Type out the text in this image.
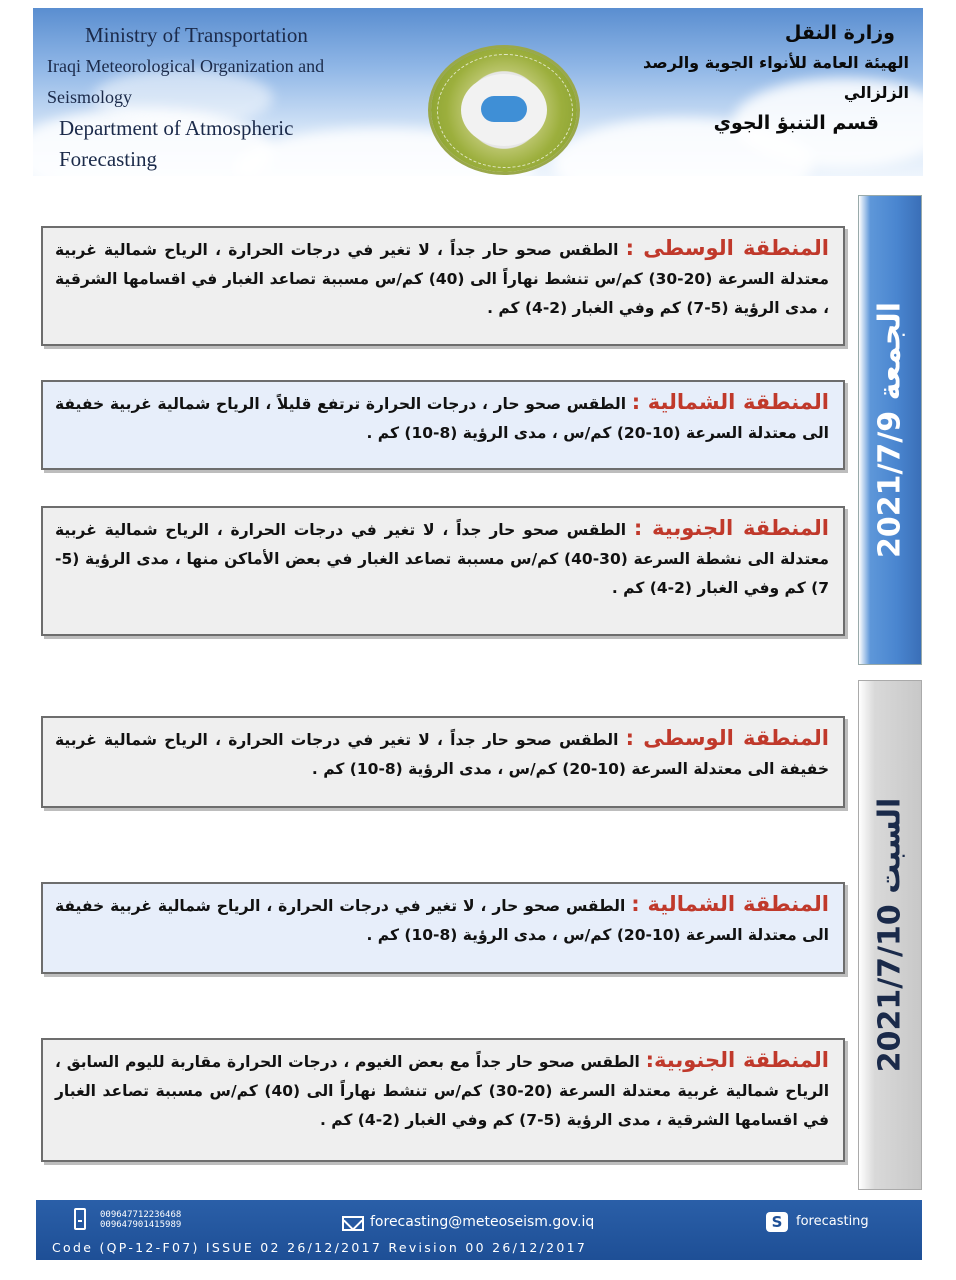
Ministry of Transportation
Iraqi Meteorological Organization and Seismology
Department of Atmospheric Forecasting
وزارة النقل
الهيئة العامة للأنواء الجوية والرصد الزلزالي
قسم التنبؤ الجوي
الجمعة 2021/7/9
المنطقة الوسطى : الطقس صحو حار جداً ، لا تغير في درجات الحرارة ، الرياح شمالية غربية معتدلة السرعة (20-30) كم/س تنشط نهاراً الى (40) كم/س مسببة تصاعد الغبار في اقسامها الشرقية ، مدى الرؤية (5-7) كم وفي الغبار (2-4) كم .
المنطقة الشمالية : الطقس صحو حار ، درجات الحرارة ترتفع قليلاً ، الرياح شمالية غربية خفيفة الى معتدلة السرعة (10-20) كم/س ، مدى الرؤية (8-10) كم .
المنطقة الجنوبية : الطقس صحو حار جداً ، لا تغير في درجات الحرارة ، الرياح شمالية غربية معتدلة الى نشطة السرعة (30-40) كم/س مسببة تصاعد الغبار في بعض الأماكن منها ، مدى الرؤية (5-7) كم وفي الغبار (2-4) كم .
السبت 2021/7/10
المنطقة الوسطى : الطقس صحو حار جداً ، لا تغير في درجات الحرارة ، الرياح شمالية غربية خفيفة الى معتدلة السرعة (10-20) كم/س ، مدى الرؤية (8-10) كم .
المنطقة الشمالية : الطقس صحو حار ، لا تغير في درجات الحرارة ، الرياح شمالية غربية خفيفة الى معتدلة السرعة (10-20) كم/س ، مدى الرؤية (8-10) كم .
المنطقة الجنوبية: الطقس صحو حار جداً مع بعض الغيوم ، درجات الحرارة مقاربة لليوم السابق ، الرياح شمالية غربية معتدلة السرعة (20-30) كم/س تنشط نهاراً الى (40) كم/س مسببة تصاعد الغبار في اقسامها الشرقية ، مدى الرؤية (5-7) كم وفي الغبار (2-4) كم .
009647712236468
009647901415989	forecasting@meteoseism.gov.iq	S	forecasting
Code (QP-12-F07) ISSUE 02 26/12/2017 Revision 00 26/12/2017
